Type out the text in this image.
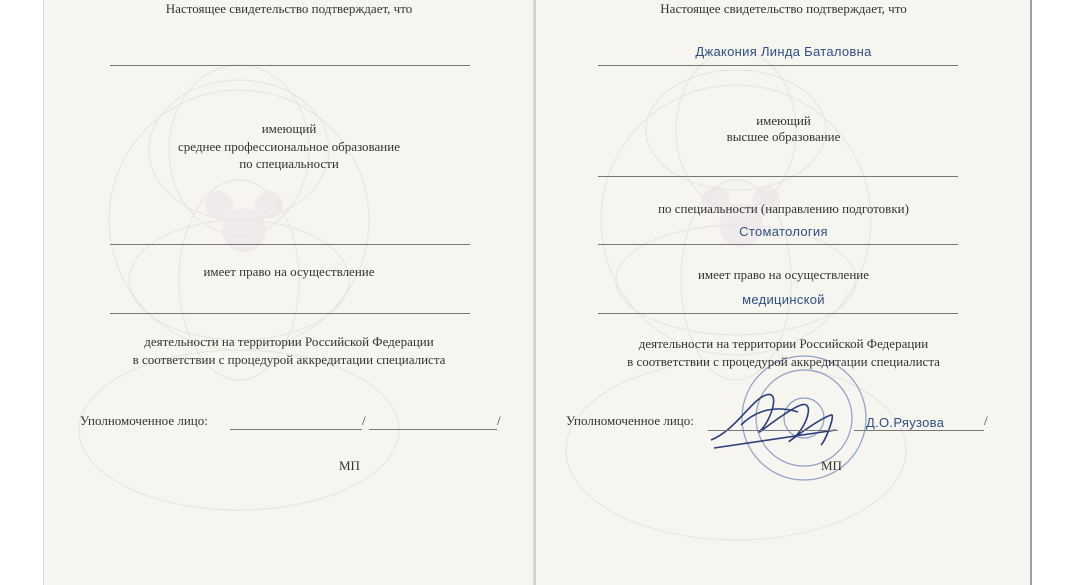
Настоящее свидетельство подтверждает, что
имеющий
среднее профессиональное образование
по специальности
имеет право на осуществление
деятельности на территории Российской Федерации
в соответствии с процедурой аккредитации специалиста
Уполномоченное лицо:	/	/
МП
Настоящее свидетельство подтверждает, что
Джакония Линда Баталовна
имеющий
высшее образование
по специальности (направлению подготовки)
Стоматология
имеет право на осуществление
медицинской
деятельности на территории Российской Федерации
в соответствии с процедурой аккредитации специалиста
Уполномоченное лицо:	Д.О.Ряузова	/
МП
